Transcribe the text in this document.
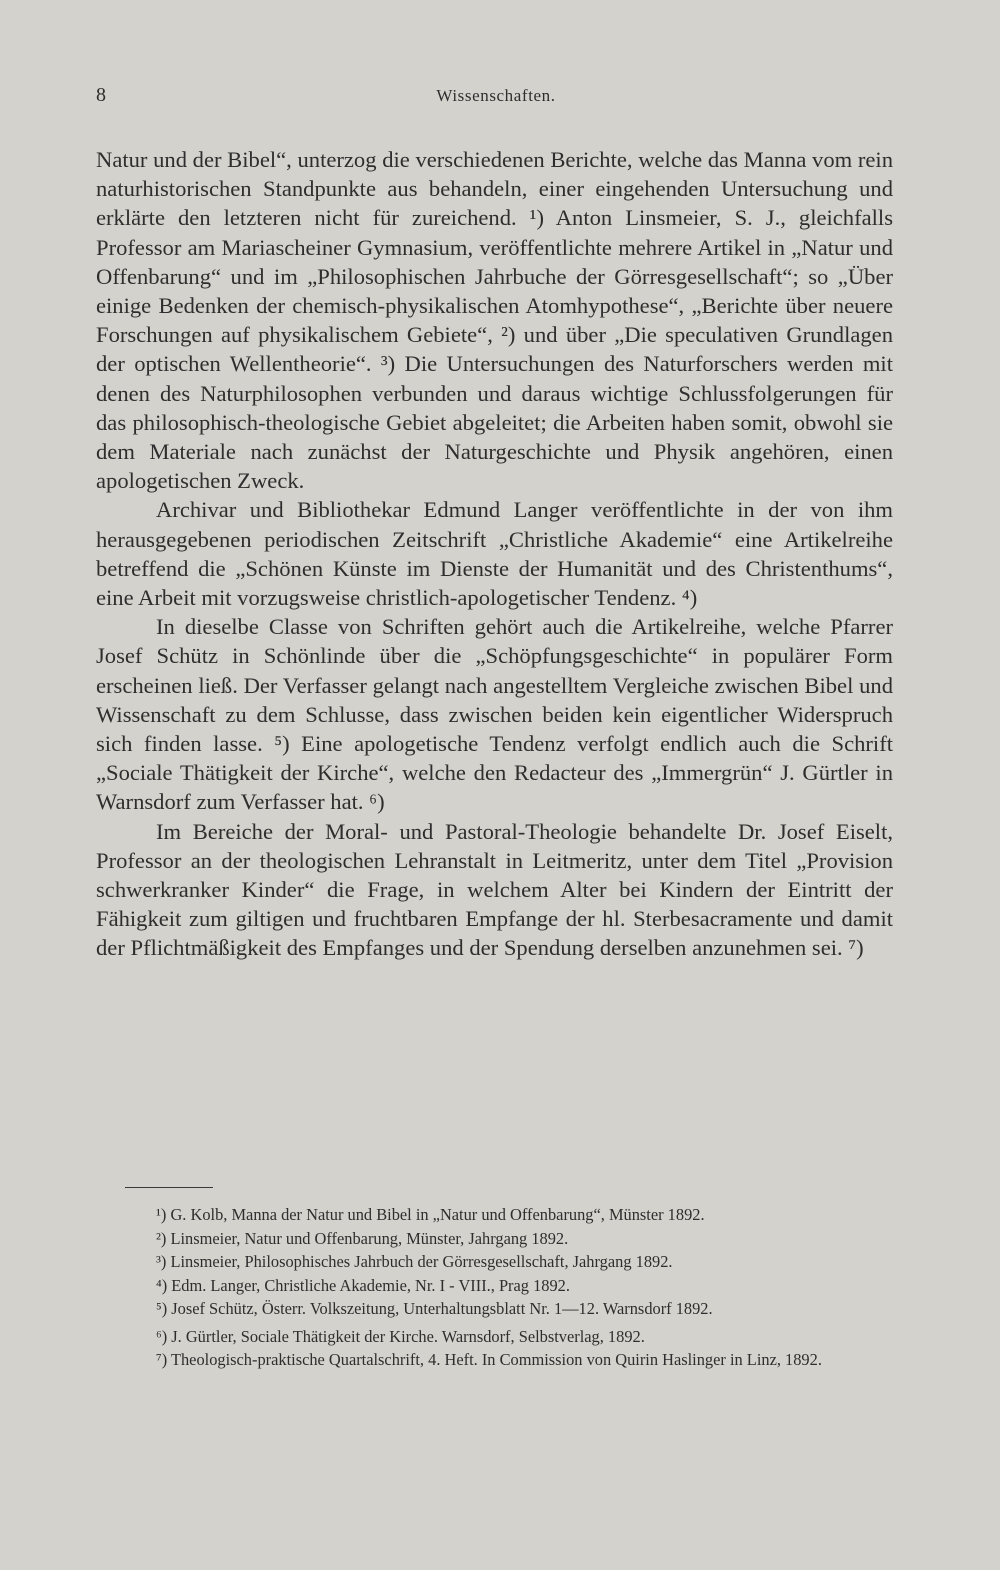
8	Wissenschaften.

Natur und der Bibel“, unterzog die verschiedenen Berichte, welche das Manna vom rein naturhistorischen Standpunkte aus behandeln, einer eingehenden Untersuchung und erklärte den letzteren nicht für zureichend. ¹) Anton Linsmeier, S. J., gleichfalls Professor am Mariascheiner Gymnasium, veröffentlichte mehrere Artikel in „Natur und Offenbarung“ und im „Philosophischen Jahrbuche der Görresgesellschaft“; so „Über einige Bedenken der chemisch-physikalischen Atomhypothese“, „Berichte über neuere Forschungen auf physikalischem Gebiete“, ²) und über „Die speculativen Grundlagen der optischen Wellentheorie“. ³) Die Untersuchungen des Naturforschers werden mit denen des Naturphilosophen verbunden und daraus wichtige Schlussfolgerungen für das philosophisch-theologische Gebiet abgeleitet; die Arbeiten haben somit, obwohl sie dem Materiale nach zunächst der Naturgeschichte und Physik angehören, einen apologetischen Zweck.

Archivar und Bibliothekar Edmund Langer veröffentlichte in der von ihm herausgegebenen periodischen Zeitschrift „Christliche Akademie“ eine Artikelreihe betreffend die „Schönen Künste im Dienste der Humanität und des Christenthums“, eine Arbeit mit vorzugsweise christlich-apologetischer Tendenz. ⁴)

In dieselbe Classe von Schriften gehört auch die Artikelreihe, welche Pfarrer Josef Schütz in Schönlinde über die „Schöpfungsgeschichte“ in populärer Form erscheinen ließ. Der Verfasser gelangt nach angestelltem Vergleiche zwischen Bibel und Wissenschaft zu dem Schlusse, dass zwischen beiden kein eigentlicher Widerspruch sich finden lasse. ⁵) Eine apologetische Tendenz verfolgt endlich auch die Schrift „Sociale Thätigkeit der Kirche“, welche den Redacteur des „Immergrün“ J. Gürtler in Warnsdorf zum Verfasser hat. ⁶)

Im Bereiche der Moral- und Pastoral-Theologie behandelte Dr. Josef Eiselt, Professor an der theologischen Lehranstalt in Leitmeritz, unter dem Titel „Provision schwerkranker Kinder“ die Frage, in welchem Alter bei Kindern der Eintritt der Fähigkeit zum giltigen und fruchtbaren Empfange der hl. Sterbesacramente und damit der Pflichtmäßigkeit des Empfanges und der Spendung derselben anzunehmen sei. ⁷)

¹) G. Kolb, Manna der Natur und Bibel in „Natur und Offenbarung“, Münster 1892.

²) Linsmeier, Natur und Offenbarung, Münster, Jahrgang 1892.

³) Linsmeier, Philosophisches Jahrbuch der Görresgesellschaft, Jahrgang 1892.

⁴) Edm. Langer, Christliche Akademie, Nr. I - VIII., Prag 1892.

⁵) Josef Schütz, Österr. Volkszeitung, Unterhaltungsblatt Nr. 1—12. Warnsdorf 1892.

⁶) J. Gürtler, Sociale Thätigkeit der Kirche. Warnsdorf, Selbstverlag, 1892.

⁷) Theologisch-praktische Quartalschrift, 4. Heft. In Commission von Quirin Haslinger in Linz, 1892.
